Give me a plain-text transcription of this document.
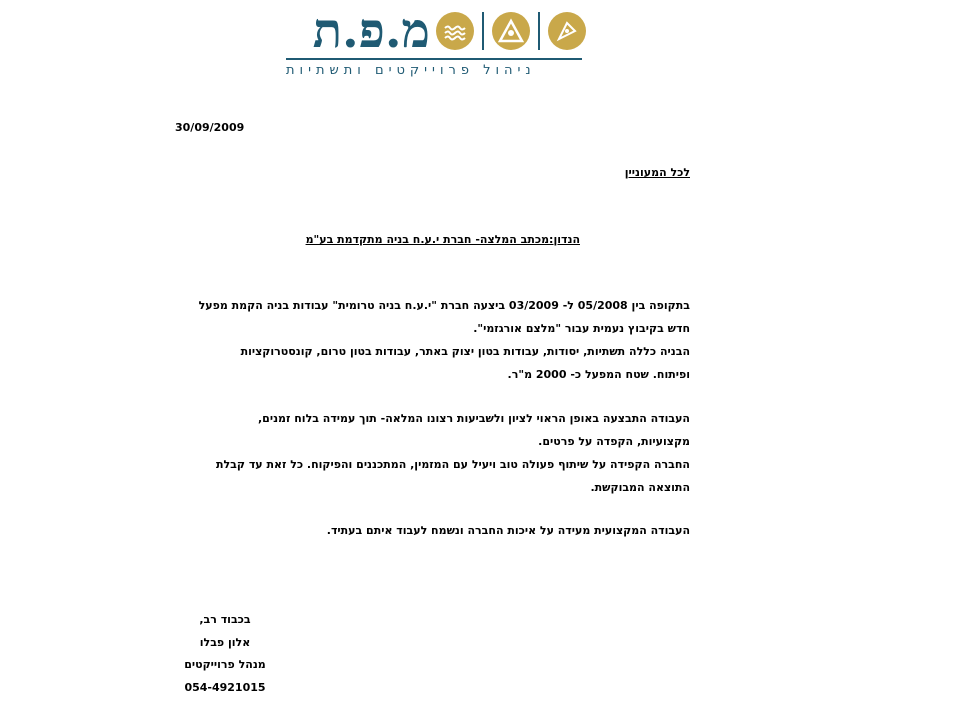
מ.פ.ת
ניהול פרוייקטים ותשתיות
30/09/2009
לכל המעוניין
הנדון:מכתב המלצה- חברת י.ע.ח בניה מתקדמת בע"מ
בתקופה בין 05/2008 ל- 03/2009 ביצעה חברת "י.ע.ח בניה טרומית" עבודות בניה הקמת מפעל
חדש בקיבוץ נעמית עבור "מלצם אורגזמי".
הבניה כללה תשתיות, יסודות, עבודות בטון יצוק באתר, עבודות בטון טרום, קונסטרוקציות
ופיתוח. שטח המפעל כ- 2000 מ"ר.
העבודה התבצעה באופן הראוי לציון ולשביעות רצונו המלאה- תוך עמידה בלוח זמנים,
מקצועיות, הקפדה על פרטים.
החברה הקפידה על שיתוף פעולה טוב ויעיל עם המזמין, המתכננים והפיקוח. כל זאת עד קבלת
התוצאה המבוקשת.
העבודה המקצועית מעידה על איכות החברה ונשמח לעבוד איתם בעתיד.
בכבוד רב,
אלון פבלו
מנהל פרוייקטים
054-4921015
